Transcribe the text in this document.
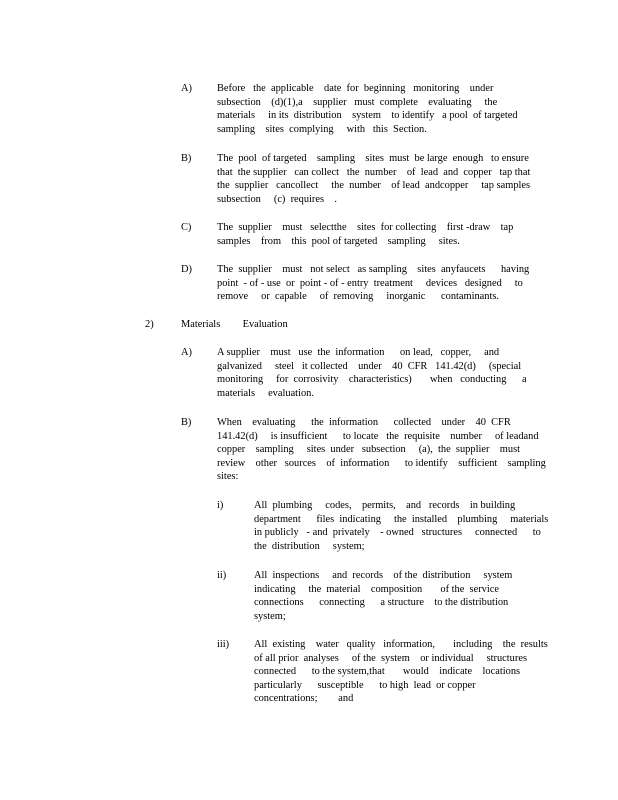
A) Before   the  applicable    date  for  beginning   monitoring    under
subsection    (d)(1),a    supplier   must  complete    evaluating     the
materials     in its  distribution    system    to identify   a pool  of targeted
sampling    sites  complying     with   this  Section.
B) The  pool  of targeted    sampling    sites  must  be large  enough   to ensure
that  the supplier   can collect   the  number    of  lead  and  copper   tap that
the  supplier   cancollect     the  number    of lead  andcopper     tap samples
subsection     (c)  requires    .
C) The  supplier    must   selectthe    sites  for collecting    first -draw    tap
samples    from    this  pool of targeted    sampling     sites.
D) The  supplier    must   not select   as sampling    sites  anyfaucets      having
point  - of - use  or  point - of - entry  treatment     devices   designed     to
remove     or  capable     of  removing     inorganic      contaminants.
2)	Materials    Evaluation
A) A supplier    must   use  the  information      on lead,   copper,     and
galvanized     steel   it collected    under    40  CFR   141.42(d)     (special
monitoring     for  corrosivity    characteristics)       when   conducting      a
materials     evaluation.
B) When    evaluating      the  information      collected    under    40  CFR
141.42(d)     is insufficient      to locate   the  requisite    number     of leadand
copper    sampling     sites  under   subsection     (a),  the  supplier    must
review    other   sources    of  information      to identify    sufficient    sampling
sites:
i)	All  plumbing     codes,    permits,    and   records    in building
department      files  indicating     the  installed    plumbing     materials
in publicly   - and  privately    - owned   structures     connected      to
the  distribution     system;
ii)	All  inspections     and  records    of the  distribution     system
indicating     the  material    composition       of the  service
connections      connecting      a structure    to the distribution
system;
iii) All  existing    water   quality   information,       including    the  results
of all prior  analyses     of the  system    or individual     structures
connected      to the system,that       would    indicate    locations
particularly      susceptible      to high  lead  or copper
concentrations;        and
